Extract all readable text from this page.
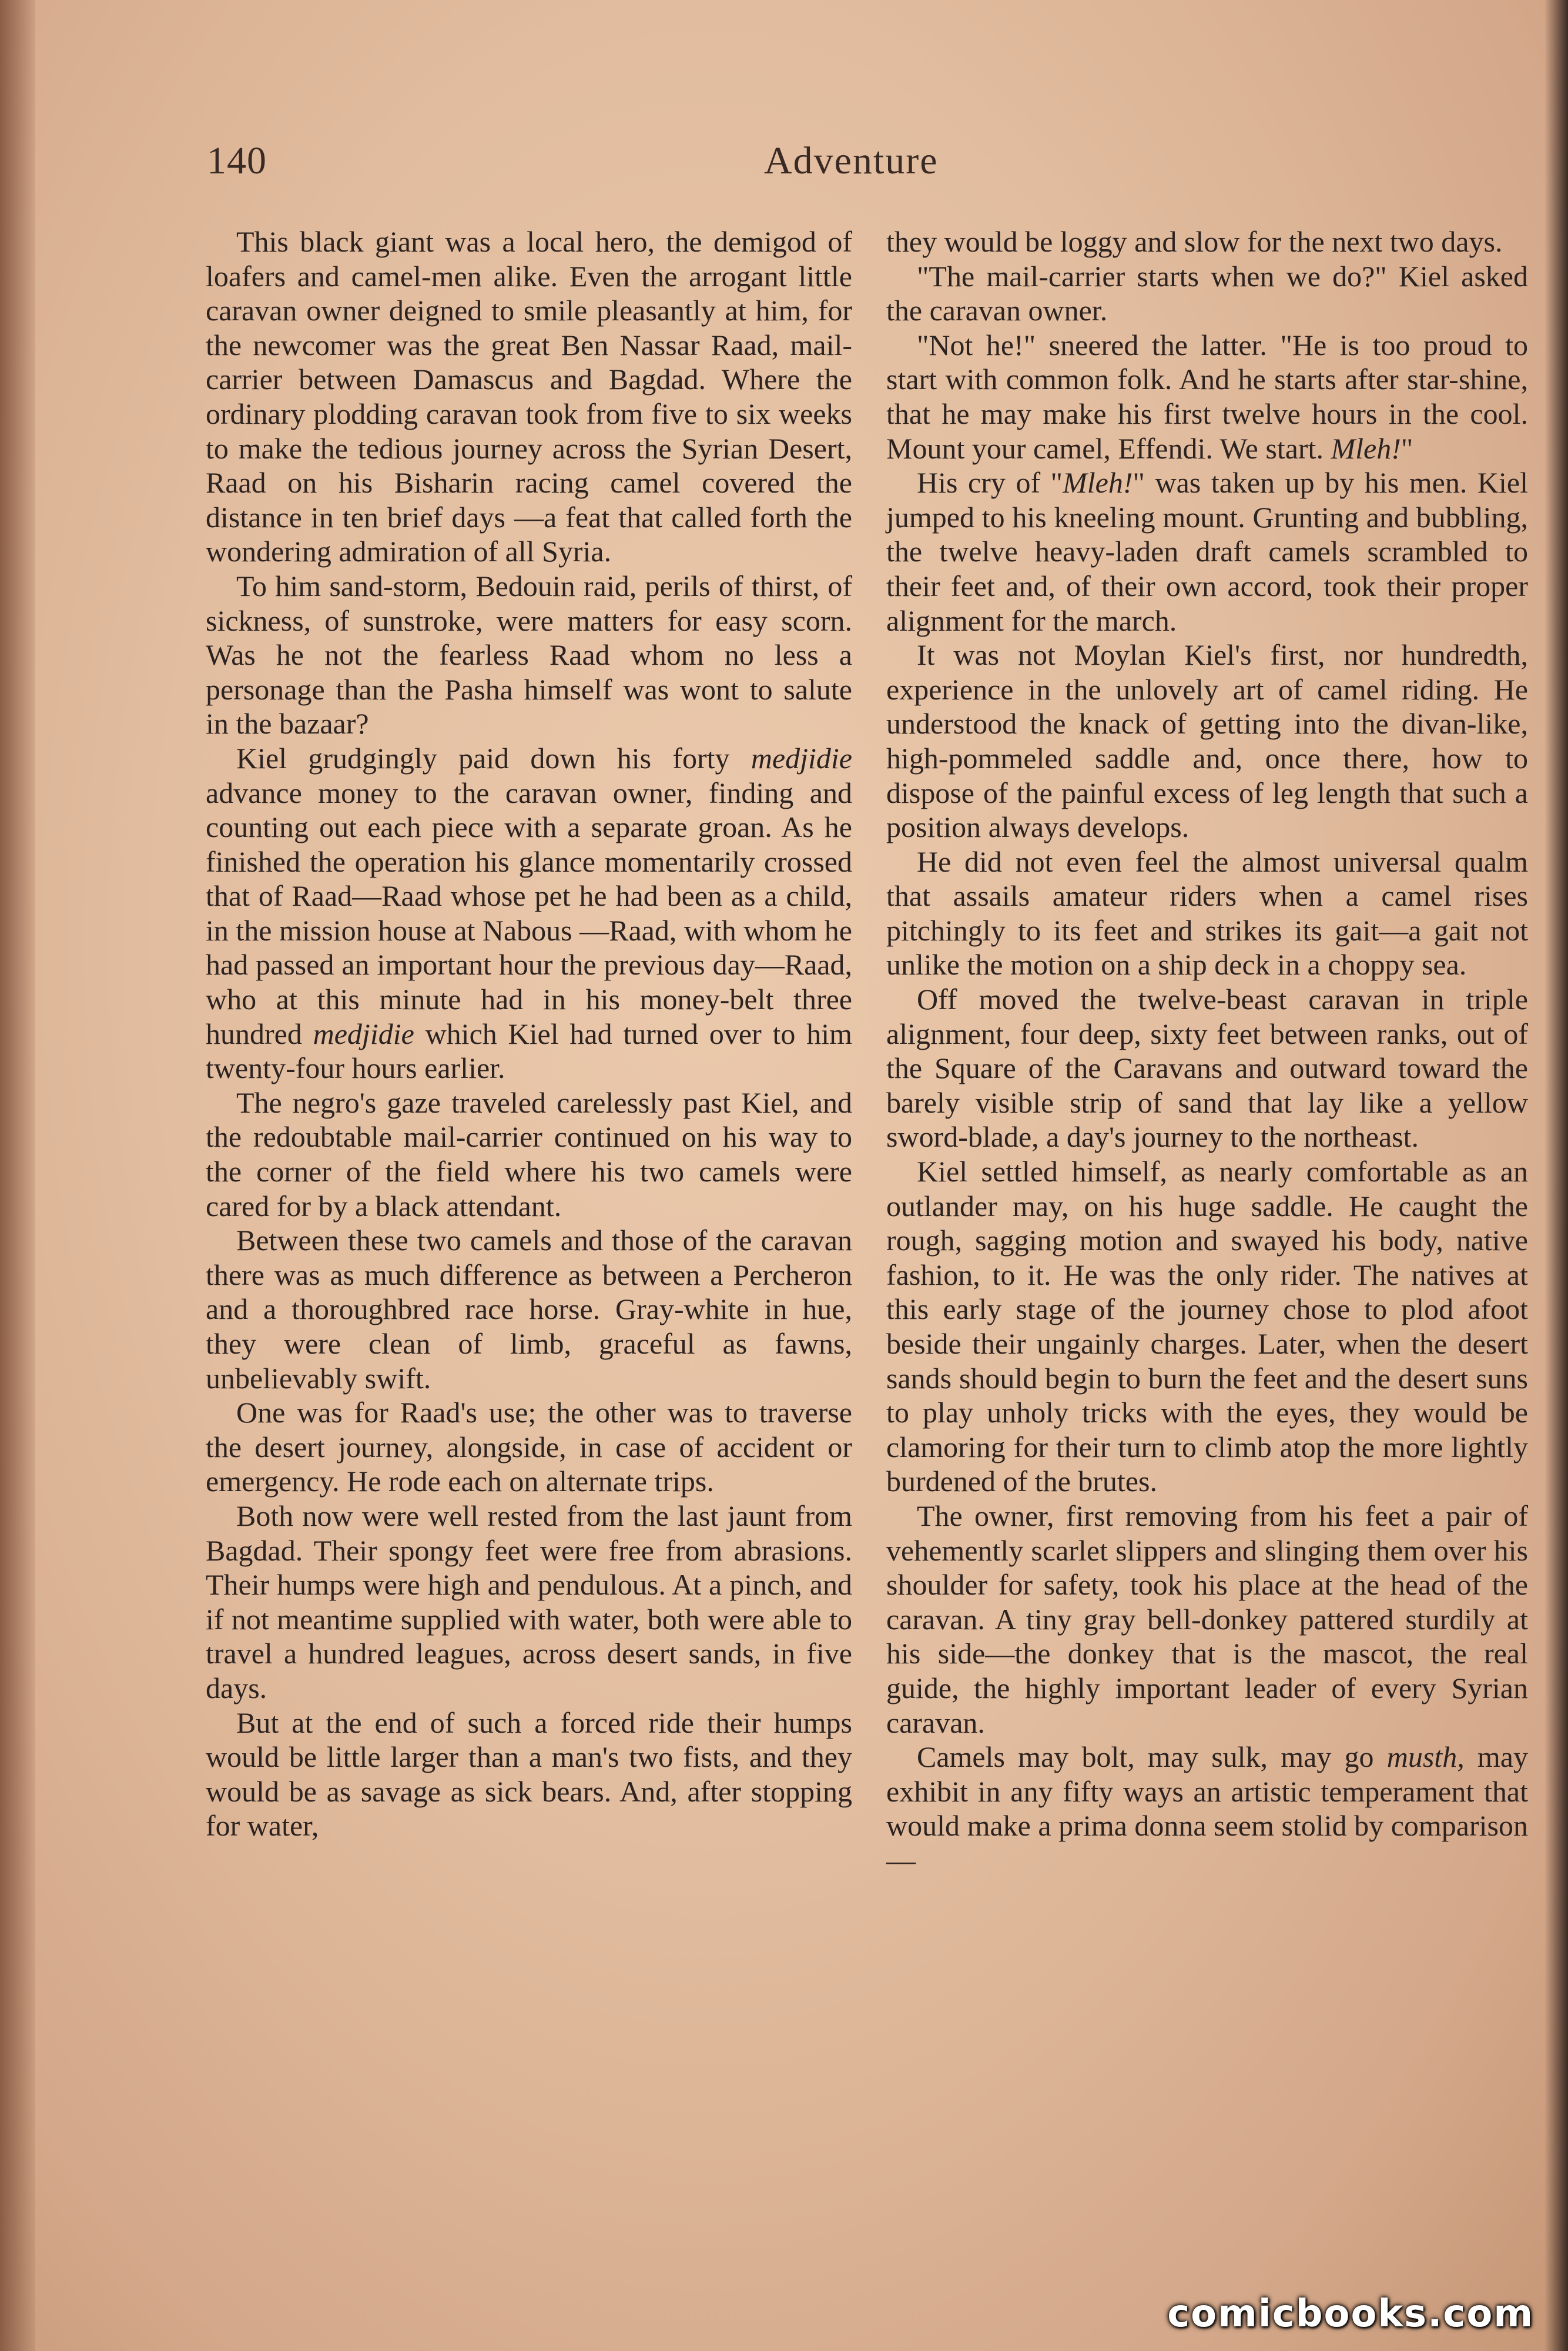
140	Adventure

This black giant was a local hero, the demigod of loafers and camel-men alike. Even the arrogant little caravan owner deigned to smile pleasantly at him, for the newcomer was the great Ben Nassar Raad, mail-carrier between Damascus and Bagdad. Where the ordinary plodding caravan took from five to six weeks to make the tedious journey across the Syrian Desert, Raad on his Bisharin racing camel covered the distance in ten brief days —a feat that called forth the wondering admiration of all Syria.

To him sand-storm, Bedouin raid, perils of thirst, of sickness, of sunstroke, were matters for easy scorn. Was he not the fearless Raad whom no less a personage than the Pasha himself was wont to salute in the bazaar?

Kiel grudgingly paid down his forty medjidie advance money to the caravan owner, finding and counting out each piece with a separate groan. As he finished the operation his glance momentarily crossed that of Raad—Raad whose pet he had been as a child, in the mission house at Nabous —Raad, with whom he had passed an important hour the previous day—Raad, who at this minute had in his money-belt three hundred medjidie which Kiel had turned over to him twenty-four hours earlier.

The negro's gaze traveled carelessly past Kiel, and the redoubtable mail-carrier continued on his way to the corner of the field where his two camels were cared for by a black attendant.

Between these two camels and those of the caravan there was as much difference as between a Percheron and a thoroughbred race horse. Gray-white in hue, they were clean of limb, graceful as fawns, unbelievably swift.

One was for Raad's use; the other was to traverse the desert journey, alongside, in case of accident or emergency. He rode each on alternate trips.

Both now were well rested from the last jaunt from Bagdad. Their spongy feet were free from abrasions. Their humps were high and pendulous. At a pinch, and if not meantime supplied with water, both were able to travel a hundred leagues, across desert sands, in five days.

But at the end of such a forced ride their humps would be little larger than a man's two fists, and they would be as savage as sick bears. And, after stopping for water,

they would be loggy and slow for the next two days.

"The mail-carrier starts when we do?" Kiel asked the caravan owner.

"Not he!" sneered the latter. "He is too proud to start with common folk. And he starts after star-shine, that he may make his first twelve hours in the cool. Mount your camel, Effendi. We start. Mleh!"

His cry of "Mleh!" was taken up by his men. Kiel jumped to his kneeling mount. Grunting and bubbling, the twelve heavy-laden draft camels scrambled to their feet and, of their own accord, took their proper alignment for the march.

It was not Moylan Kiel's first, nor hundredth, experience in the unlovely art of camel riding. He understood the knack of getting into the divan-like, high-pommeled saddle and, once there, how to dispose of the painful excess of leg length that such a position always develops.

He did not even feel the almost universal qualm that assails amateur riders when a camel rises pitchingly to its feet and strikes its gait—a gait not unlike the motion on a ship deck in a choppy sea.

Off moved the twelve-beast caravan in triple alignment, four deep, sixty feet between ranks, out of the Square of the Caravans and outward toward the barely visible strip of sand that lay like a yellow sword-blade, a day's journey to the northeast.

Kiel settled himself, as nearly comfortable as an outlander may, on his huge saddle. He caught the rough, sagging motion and swayed his body, native fashion, to it. He was the only rider. The natives at this early stage of the journey chose to plod afoot beside their ungainly charges. Later, when the desert sands should begin to burn the feet and the desert suns to play unholy tricks with the eyes, they would be clamoring for their turn to climb atop the more lightly burdened of the brutes.

The owner, first removing from his feet a pair of vehemently scarlet slippers and slinging them over his shoulder for safety, took his place at the head of the caravan. A tiny gray bell-donkey pattered sturdily at his side—the donkey that is the mascot, the real guide, the highly important leader of every Syrian caravan.

Camels may bolt, may sulk, may go musth, may exhibit in any fifty ways an artistic temperament that would make a prima donna seem stolid by comparison—

comicbooks.com
